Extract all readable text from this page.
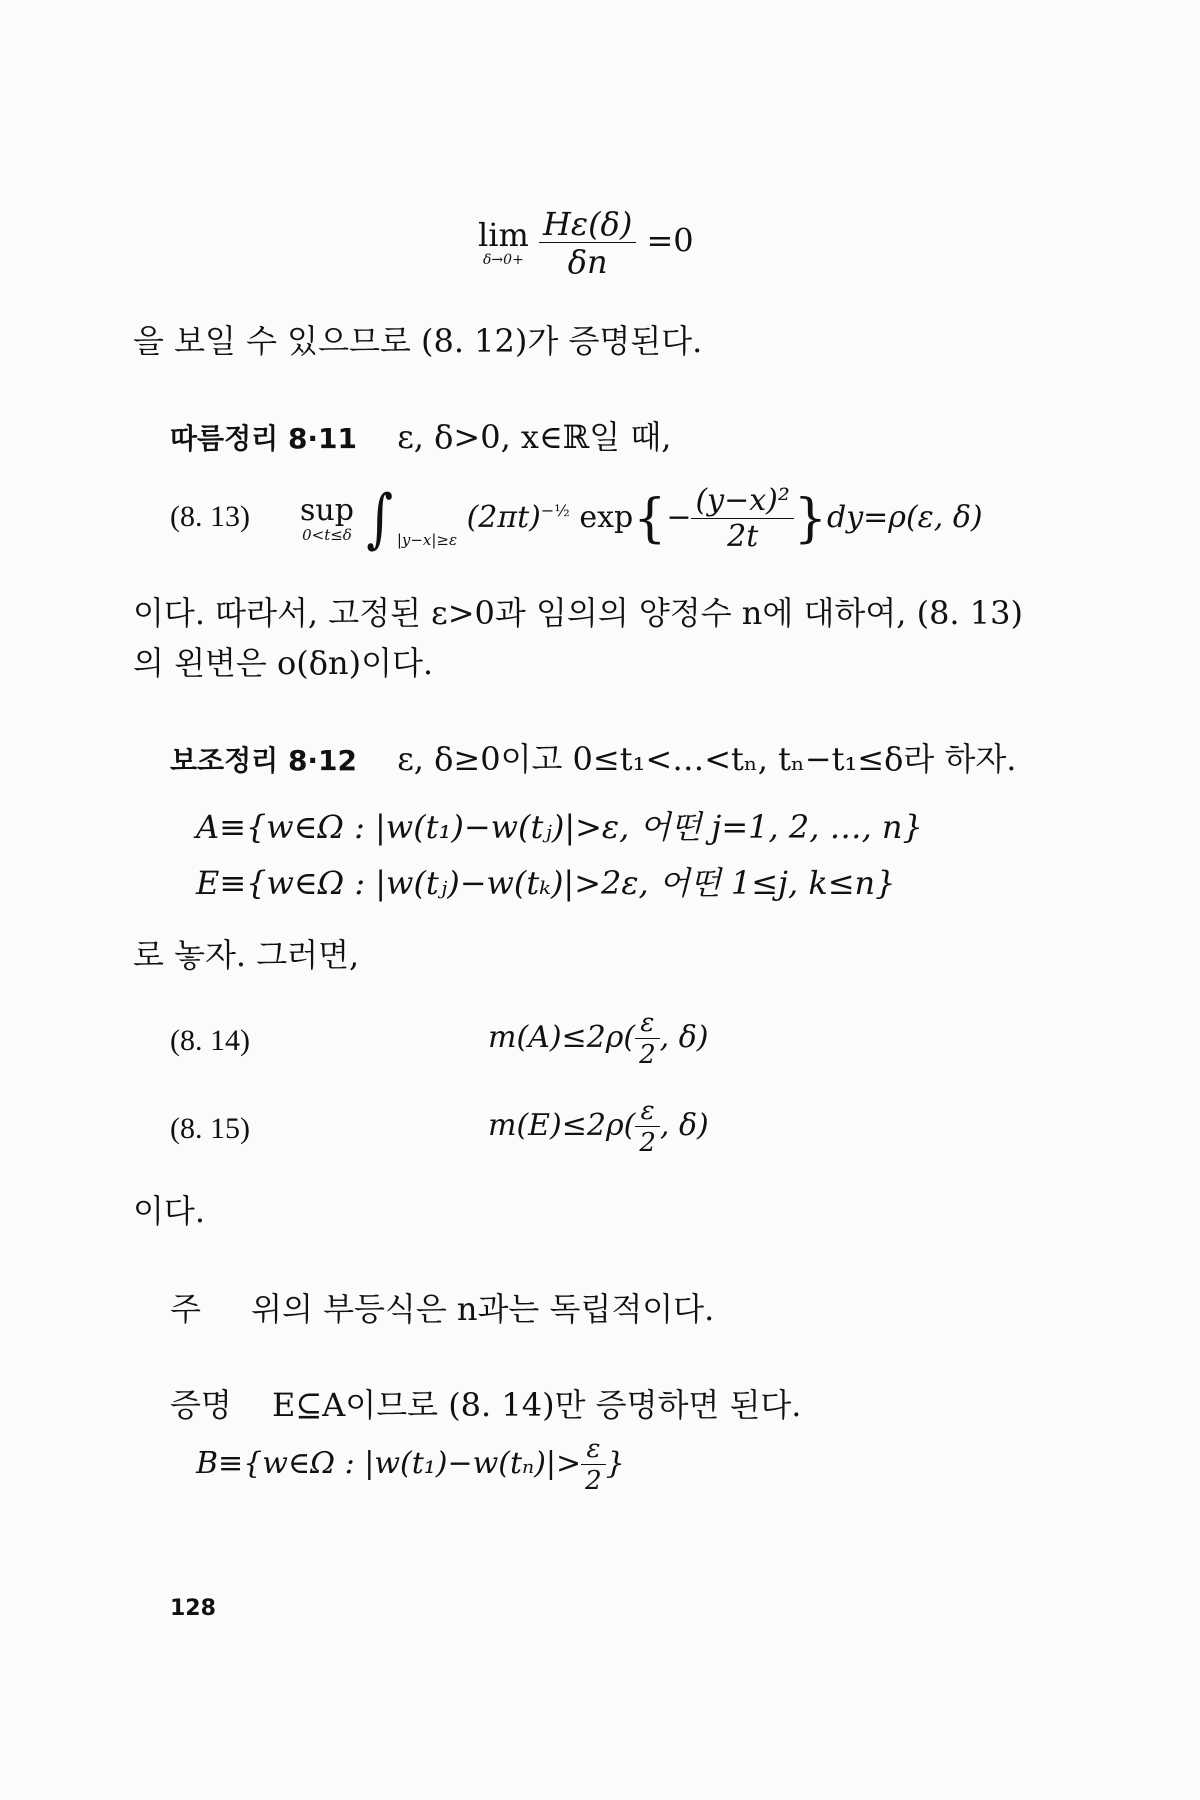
lim
δ→0+
$\frac{H\varepsilon(\delta)}{\delta n} =0$
을 보일 수 있으므로 (8. 12)가 증명된다.
따름정리 8·11 ε, δ>0, x∈ℝ일 때,
(8. 13) sup
0<t≤δ ∫ $_{|y-x|\ge\varepsilon}$ $(2\pi t)^{-\frac{1}{2}}$ $\exp\{- \frac{\text{(y−x)²}}{2t} \}dy=\rho(\varepsilon$, δ)
이다. 따라서, 고정된 ε>0과 임의의 양정수 n에 대하여, (8. 13)
의 왼변은 o(δn)이다.
보조정리 8·12 ε, δ≥0이고 0≤t₁<…<tₙ, tₙ−t₁≤δ라 하자.
A≡{w∈Ω : |w(t₁)−w(tⱼ)|>ε, 어떤 j=1, 2, …, n}
E≡{w∈Ω : |w(tⱼ)−w(tₖ)|>2ε, 어떤 1≤j, k≤n}
로 놓자. 그러면,
(8. 14)	$m(A)\le 2\rho( \frac{\varepsilon}{2}$ , δ)
(8. 15)	$m(E)\le 2\rho( \frac{\varepsilon}{2}$ , δ)
이다.
주 위의 부등식은 n과는 독립적이다.
증명 E⊆A이므로 (8. 14)만 증명하면 된다.
B≡{w∈Ω : $|w(t_1)-w(t_n)|> \frac{\varepsilon}{2}$ }
128
